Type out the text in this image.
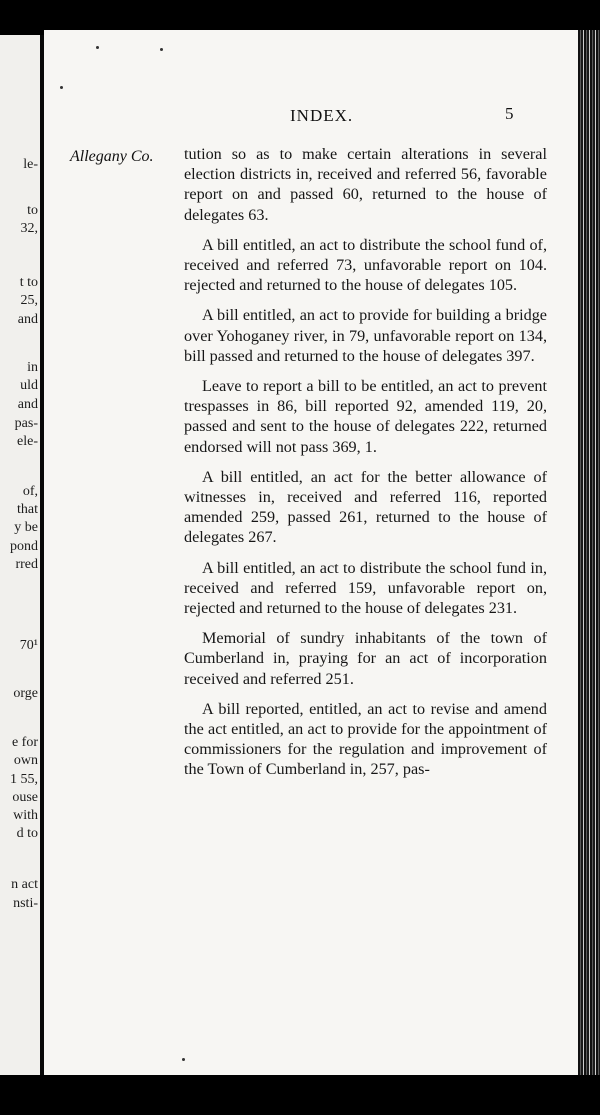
le-
to
32,
t to
25,
and
in
uld
and
pas-
ele-
of,
that
y be
pond
rred
70¹
orge
e for
own
1 55,
ouse
with
d to
n act
nsti-
INDEX.	5
Allegany Co. tution so as to make certain alterations in several election districts in, received and referred 56, favorable report on and passed 60, returned to the house of delegates 63.

A bill entitled, an act to distribute the school fund of, received and referred 73, unfavorable report on 104. rejected and returned to the house of delegates 105.

A bill entitled, an act to provide for building a bridge over Yohoganey river, in 79, unfavorable report on 134, bill passed and returned to the house of delegates 397.

Leave to report a bill to be entitled, an act to prevent trespasses in 86, bill reported 92, amended 119, 20, passed and sent to the house of delegates 222, returned endorsed will not pass 369, 1.

A bill entitled, an act for the better allowance of witnesses in, received and referred 116, reported amended 259, passed 261, returned to the house of delegates 267.

A bill entitled, an act to distribute the school fund in, received and referred 159, unfavorable report on, rejected and returned to the house of delegates 231.

Memorial of sundry inhabitants of the town of Cumberland in, praying for an act of incorporation received and referred 251.

A bill reported, entitled, an act to revise and amend the act entitled, an act to provide for the appointment of commissioners for the regulation and improvement of the Town of Cumberland in, 257, pas-
